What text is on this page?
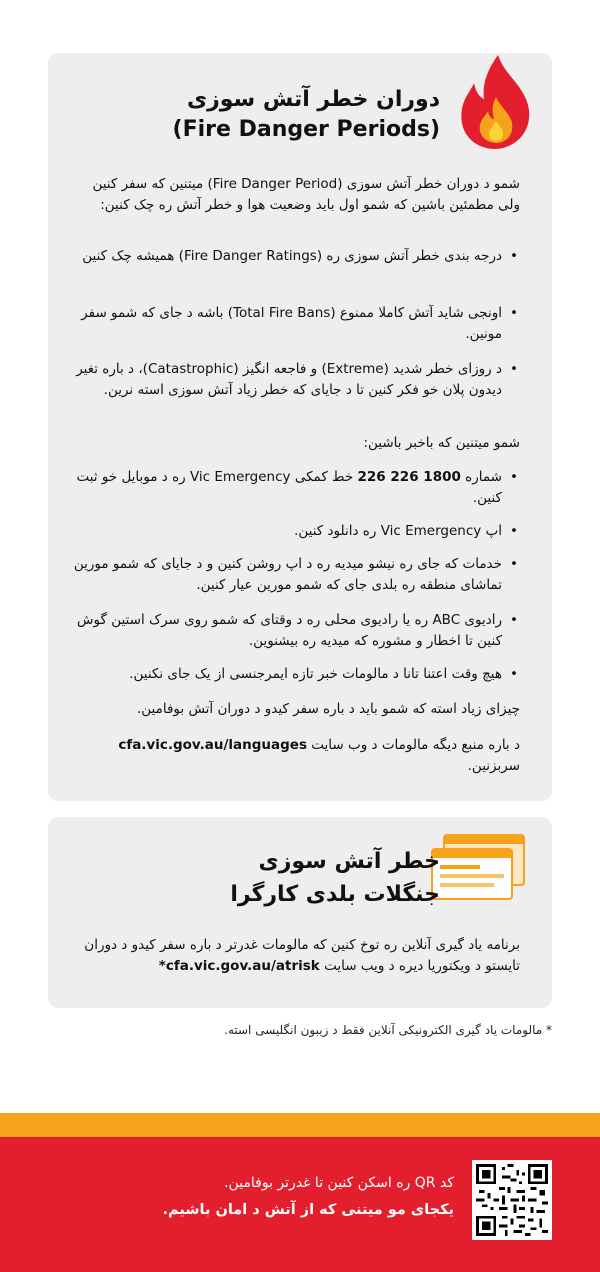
دوران خطر آتش سوزی
(Fire Danger Periods)

شمو د دوران خطر آتش سوزی (Fire Danger Period) میتنین که سفر کنین ولی مطمئین باشین که شمو اول باید وضعیت هوا و خطر آتش ره چک کنین:

•
درجه بندی خطر آتش سوزی ره (Fire Danger Ratings) همیشه چک کنین
•
اونجی شاید آتش کاملا ممنوع (Total Fire Bans) باشه د جای که شمو سفر مونین.
•
د روزای خطر شدید (Extreme) و فاجعه انگیز (Catastrophic)، د باره تغیر دیدون پلان خو فکر کنین تا د جایای که خطر زیاد آتش سوزی استه نرین.

شمو میتنین که باخبر باشین:

•
شماره 1800 226 226 خط کمکی Vic Emergency ره د موبایل خو ثبت کنین.
•
اپ Vic Emergency ره دانلود کنین.
•
خدمات که جای ره نیشو میدیه ره د اپ روشن کنین و د جایای که شمو مورین تماشای منطقه ره بلدی جای که شمو مورین عیار کنین.
•
رادیوی ABC ره یا رادیوی محلی ره د وقتای که شمو روی سرک استین گوش کنین تا اخطار و مشوره که میدیه ره بیشنوین.
•
هیچ وقت اعتنا تانا د مالومات خبر تازه ایمرجنسی از یک جای نکنین.

چیزای زیاد استه که شمو باید د باره سفر کیدو د دوران آتش بوفامین.

د باره منبع دیگه مالومات د وب سایت cfa.vic.gov.au/languages سربزنین.

خطر آتش سوزی
جنگلات بلدی کارگرا

برنامه یاد گیری آنلاین ره توخ کنین که مالومات غدرتر د باره سفر کیدو د دوران تایستو د ویکتوریا دیره د ویب سایت cfa.vic.gov.au/atrisk*

* مالومات یاد گیری الکترونیکی آنلاین فقط د زیبون انگلیسی استه.

کد QR ره اسکن کنین تا غدرتر بوفامین.

یکجای مو میتنی که از آتش د امان باشیم.
